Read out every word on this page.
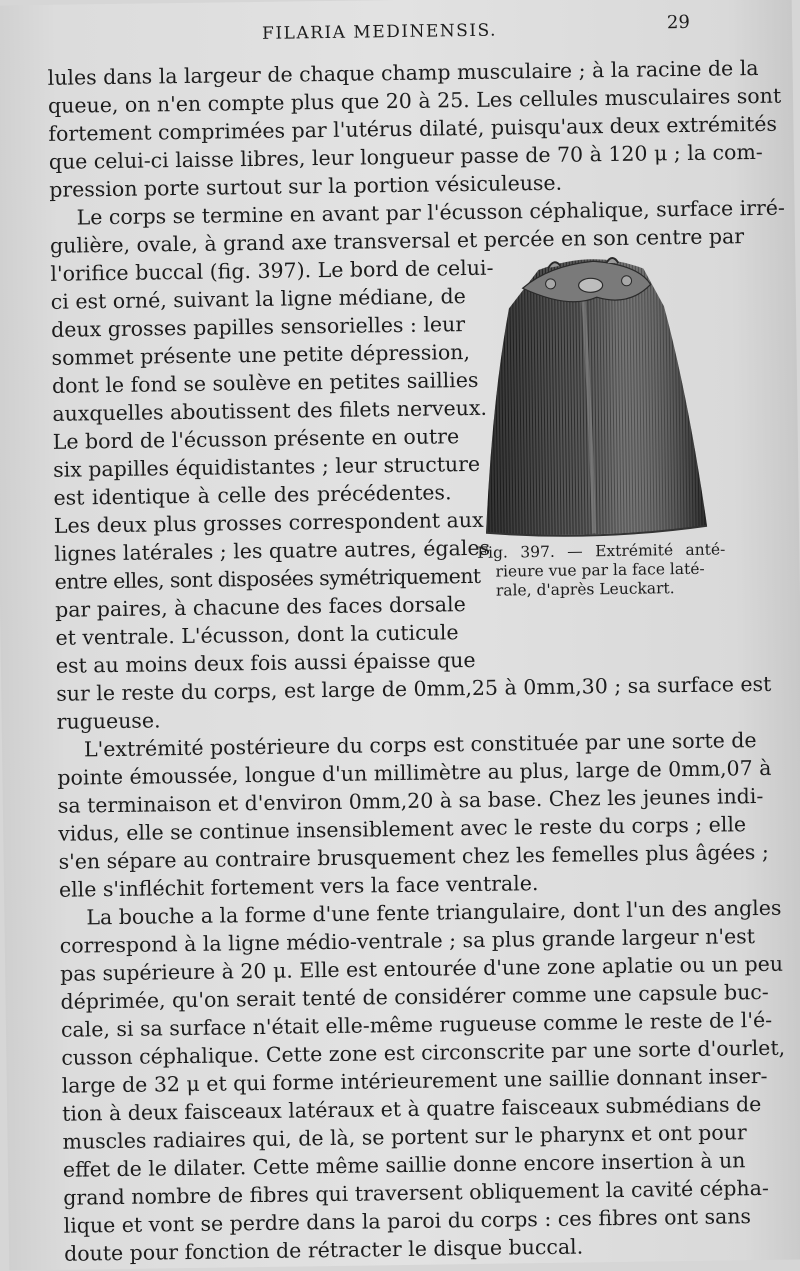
FILARIA MEDINENSIS.	29
lules dans la largeur de chaque champ musculaire ; à la racine de la
queue, on n'en compte plus que 20 à 25. Les cellules musculaires sont
fortement comprimées par l'utérus dilaté, puisqu'aux deux extrémités
que celui-ci laisse libres, leur longueur passe de 70 à 120 μ ; la com-
pression porte surtout sur la portion vésiculeuse.
Le corps se termine en avant par l'écusson céphalique, surface irré-
gulière, ovale, à grand axe transversal et percée en son centre par
l'orifice buccal (fig. 397). Le bord de celui-
ci est orné, suivant la ligne médiane, de
deux grosses papilles sensorielles : leur
sommet présente une petite dépression,
dont le fond se soulève en petites saillies
auxquelles aboutissent des filets nerveux.
Le bord de l'écusson présente en outre
six papilles équidistantes ; leur structure
est identique à celle des précédentes.
Les deux plus grosses correspondent aux
lignes latérales ; les quatre autres, égales
entre elles, sont disposées symétriquement
par paires, à chacune des faces dorsale
et ventrale. L'écusson, dont la cuticule
est au moins deux fois aussi épaisse que
sur le reste du corps, est large de 0mm,25 à 0mm,30 ; sa surface est
rugueuse.
L'extrémité postérieure du corps est constituée par une sorte de
pointe émoussée, longue d'un millimètre au plus, large de 0mm,07 à
sa terminaison et d'environ 0mm,20 à sa base. Chez les jeunes indi-
vidus, elle se continue insensiblement avec le reste du corps ; elle
s'en sépare au contraire brusquement chez les femelles plus âgées ;
elle s'infléchit fortement vers la face ventrale.
La bouche a la forme d'une fente triangulaire, dont l'un des angles
correspond à la ligne médio-ventrale ; sa plus grande largeur n'est
pas supérieure à 20 μ. Elle est entourée d'une zone aplatie ou un peu
déprimée, qu'on serait tenté de considérer comme une capsule buc-
cale, si sa surface n'était elle-même rugueuse comme le reste de l'é-
cusson céphalique. Cette zone est circonscrite par une sorte d'ourlet,
large de 32 μ et qui forme intérieurement une saillie donnant inser-
tion à deux faisceaux latéraux et à quatre faisceaux submédians de
muscles radiaires qui, de là, se portent sur le pharynx et ont pour
effet de le dilater. Cette même saillie donne encore insertion à un
grand nombre de fibres qui traversent obliquement la cavité cépha-
lique et vont se perdre dans la paroi du corps : ces fibres ont sans
doute pour fonction de rétracter le disque buccal.
Fig. 397. — Extrémité anté-
rieure vue par la face laté-
rale, d'après Leuckart.
